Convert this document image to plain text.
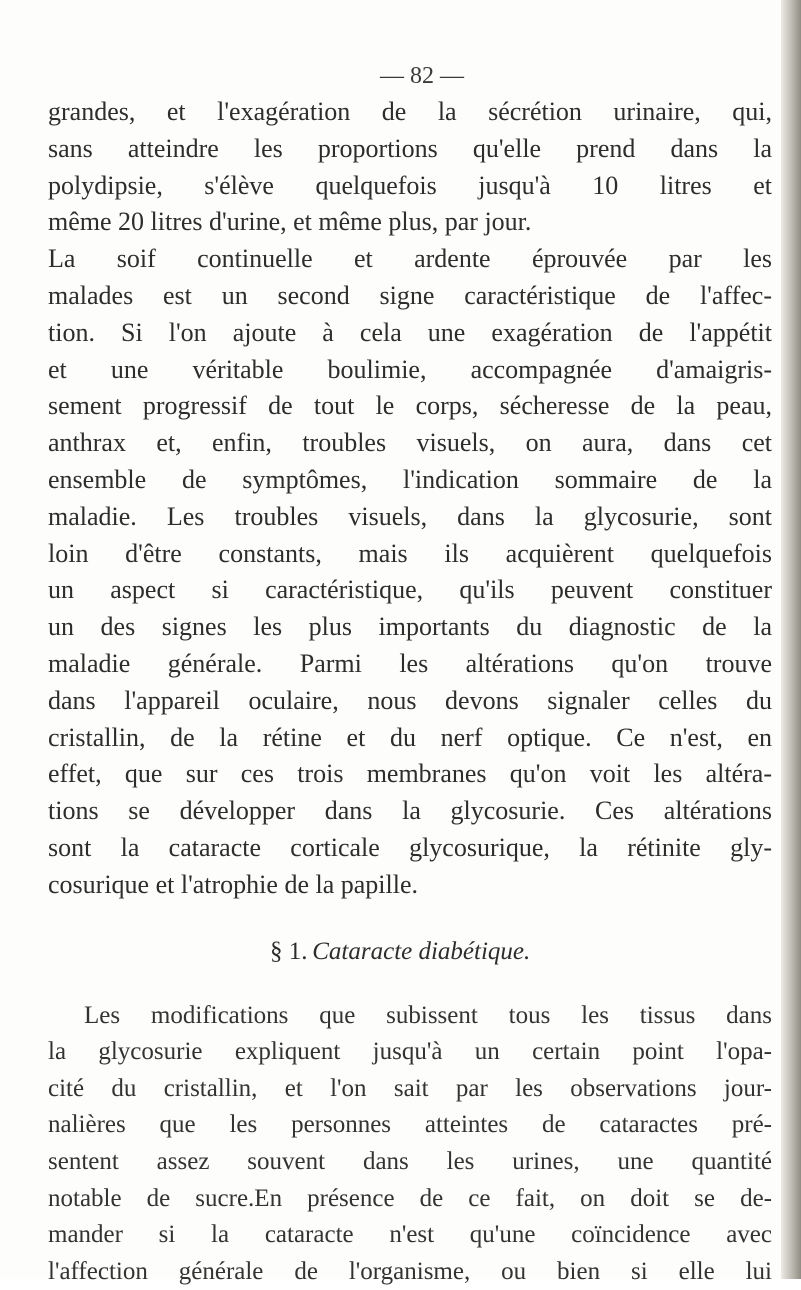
— 82 —
grandes, et l'exagération de la sécrétion urinaire, qui,
sans atteindre les proportions qu'elle prend dans la
polydipsie, s'élève quelquefois jusqu'à 10 litres et
même 20 litres d'urine, et même plus, par jour.
La soif continuelle et ardente éprouvée par les
malades est un second signe caractéristique de l'affec-
tion. Si l'on ajoute à cela une exagération de l'appétit
et une véritable boulimie, accompagnée d'amaigris-
sement progressif de tout le corps, sécheresse de la peau,
anthrax et, enfin, troubles visuels, on aura, dans cet
ensemble de symptômes, l'indication sommaire de la
maladie. Les troubles visuels, dans la glycosurie, sont
loin d'être constants, mais ils acquièrent quelquefois
un aspect si caractéristique, qu'ils peuvent constituer
un des signes les plus importants du diagnostic de la
maladie générale. Parmi les altérations qu'on trouve
dans l'appareil oculaire, nous devons signaler celles du
cristallin, de la rétine et du nerf optique. Ce n'est, en
effet, que sur ces trois membranes qu'on voit les altéra-
tions se développer dans la glycosurie. Ces altérations
sont la cataracte corticale glycosurique, la rétinite gly-
cosurique et l'atrophie de la papille.
§ 1. Cataracte diabétique.
Les modifications que subissent tous les tissus dans
la glycosurie expliquent jusqu'à un certain point l'opa-
cité du cristallin, et l'on sait par les observations jour-
nalières que les personnes atteintes de cataractes pré-
sentent assez souvent dans les urines, une quantité
notable de sucre.En présence de ce fait, on doit se de-
mander si la cataracte n'est qu'une coïncidence avec
l'affection générale de l'organisme, ou bien si elle lui
